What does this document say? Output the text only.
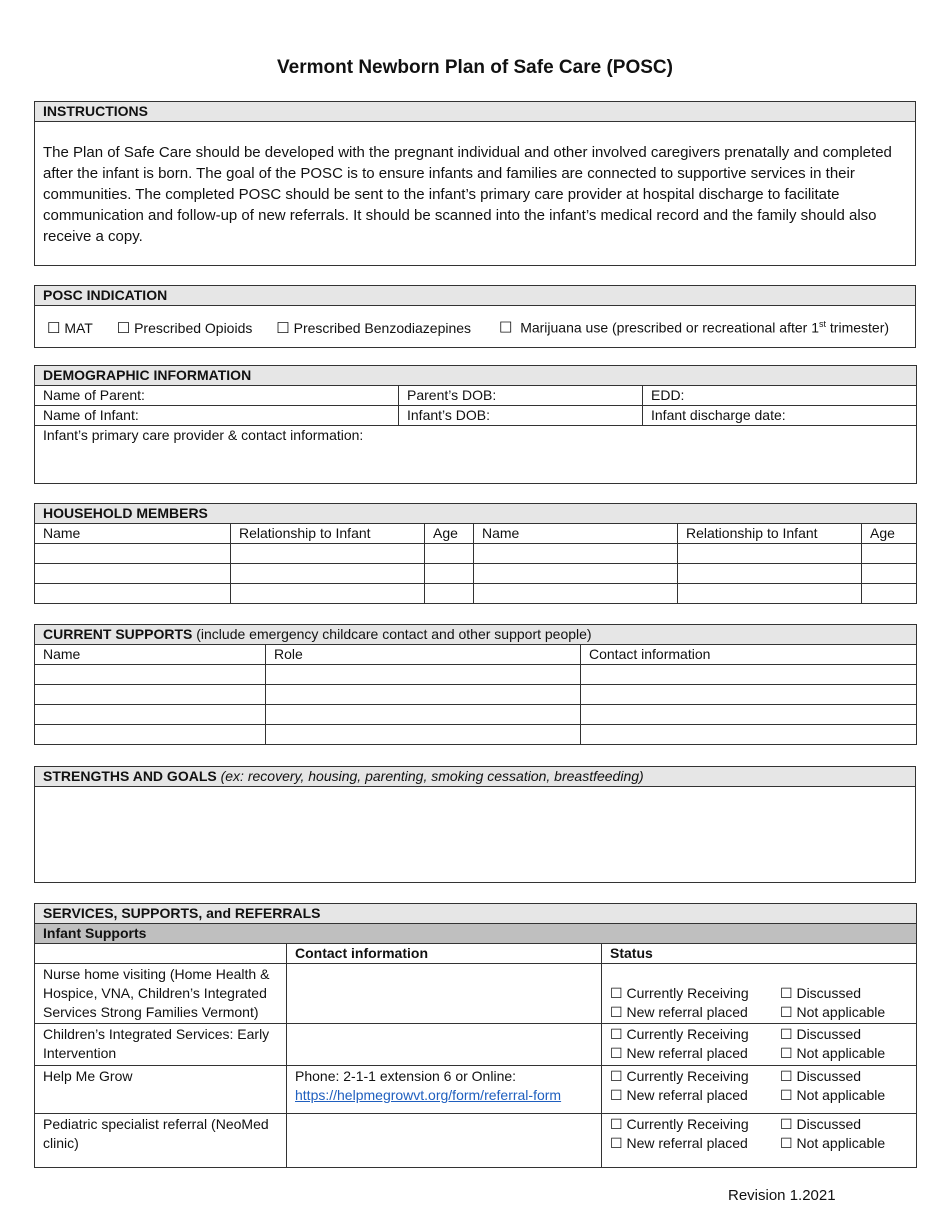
Vermont Newborn Plan of Safe Care (POSC)
INSTRUCTIONS
The Plan of Safe Care should be developed with the pregnant individual and other involved caregivers prenatally and completed after the infant is born. The goal of the POSC is to ensure infants and families are connected to supportive services in their communities. The completed POSC should be sent to the infant’s primary care provider at hospital discharge to facilitate communication and follow-up of new referrals. It should be scanned into the infant’s medical record and the family should also receive a copy.
POSC INDICATION
☐ MAT ☐ Prescribed Opioids ☐ Prescribed Benzodiazepines ☐ Marijuana use (prescribed or recreational after 1st trimester)
DEMOGRAPHIC INFORMATION		
Name of Parent:	Parent’s DOB:	EDD:
Name of Infant:	Infant’s DOB:	Infant discharge date:
Infant’s primary care provider & contact information:		
HOUSEHOLD MEMBERS					
Name	Relationship to Infant	Age	Name	Relationship to Infant	Age

CURRENT SUPPORTS (include emergency childcare contact and other support people)		
Name	Role	Contact information

STRENGTHS AND GOALS (ex: recovery, housing, parenting, smoking cessation, breastfeeding)

SERVICES, SUPPORTS, and REFERRALS		
Infant Supports		
	Contact information	Status
Nurse home visiting (Home Health & Hospice, VNA, Children’s Integrated Services Strong Families Vermont)		☐ Currently Receiving ☐ Discussed
☐ New referral placed ☐ Not applicable

Children’s Integrated Services: Early Intervention		☐ Currently Receiving ☐ Discussed
☐ New referral placed ☐ Not applicable

Help Me Grow	Phone: 2-1-1 extension 6 or Online:
https://helpmegrowvt.org/form/referral-form	☐ Currently Receiving ☐ Discussed
☐ New referral placed ☐ Not applicable

Pediatric specialist referral (NeoMed clinic)		☐ Currently Receiving ☐ Discussed
☐ New referral placed ☐ Not applicable
Revision 1.2021
